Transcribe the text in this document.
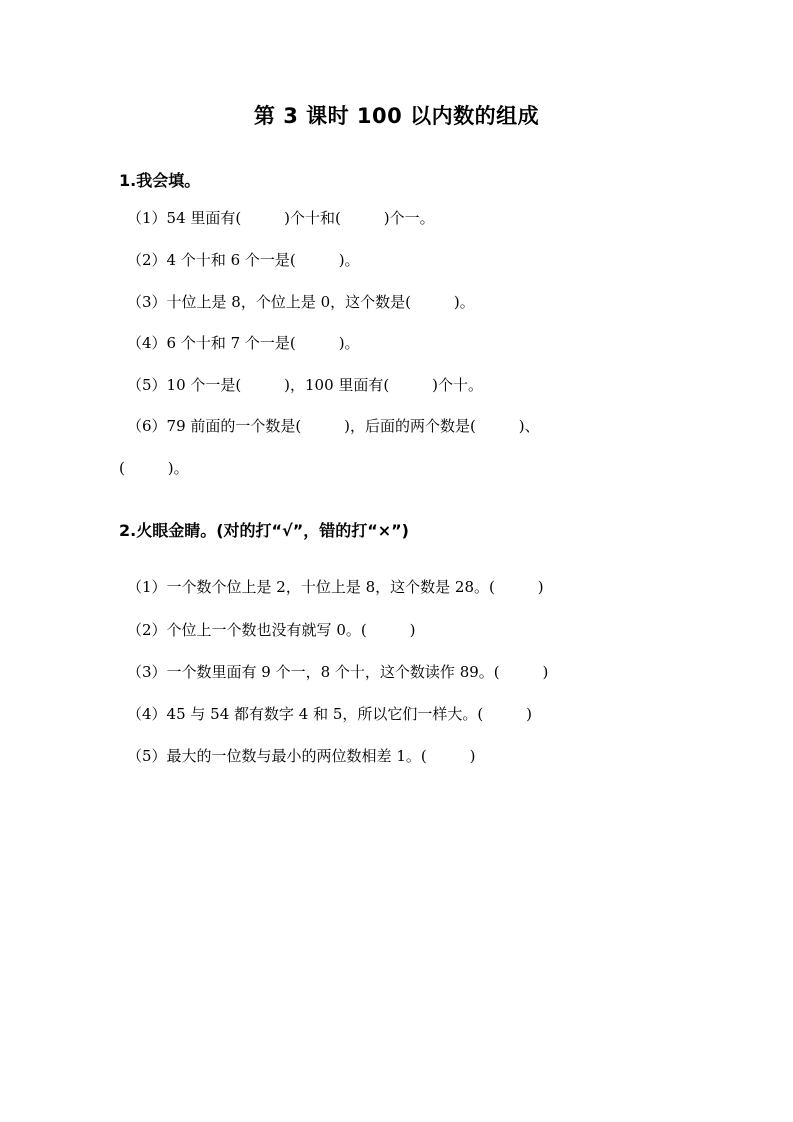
第 3 课时 100 以内数的组成
1.我会填。
（1）54 里面有(         )个十和(         )个一。
（2）4 个十和 6 个一是(         )。
（3）十位上是 8，个位上是 0，这个数是(         )。
（4）6 个十和 7 个一是(         )。
（5）10 个一是(         )，100 里面有(         )个十。
（6）79 前面的一个数是(         )，后面的两个数是(         )、
(         )。
2.火眼金睛。(对的打“√”，错的打“×”)
（1）一个数个位上是 2，十位上是 8，这个数是 28。(         )
（2）个位上一个数也没有就写 0。(         )
（3）一个数里面有 9 个一，8 个十，这个数读作 89。(         )
（4）45 与 54 都有数字 4 和 5，所以它们一样大。(         )
（5）最大的一位数与最小的两位数相差 1。(         )
